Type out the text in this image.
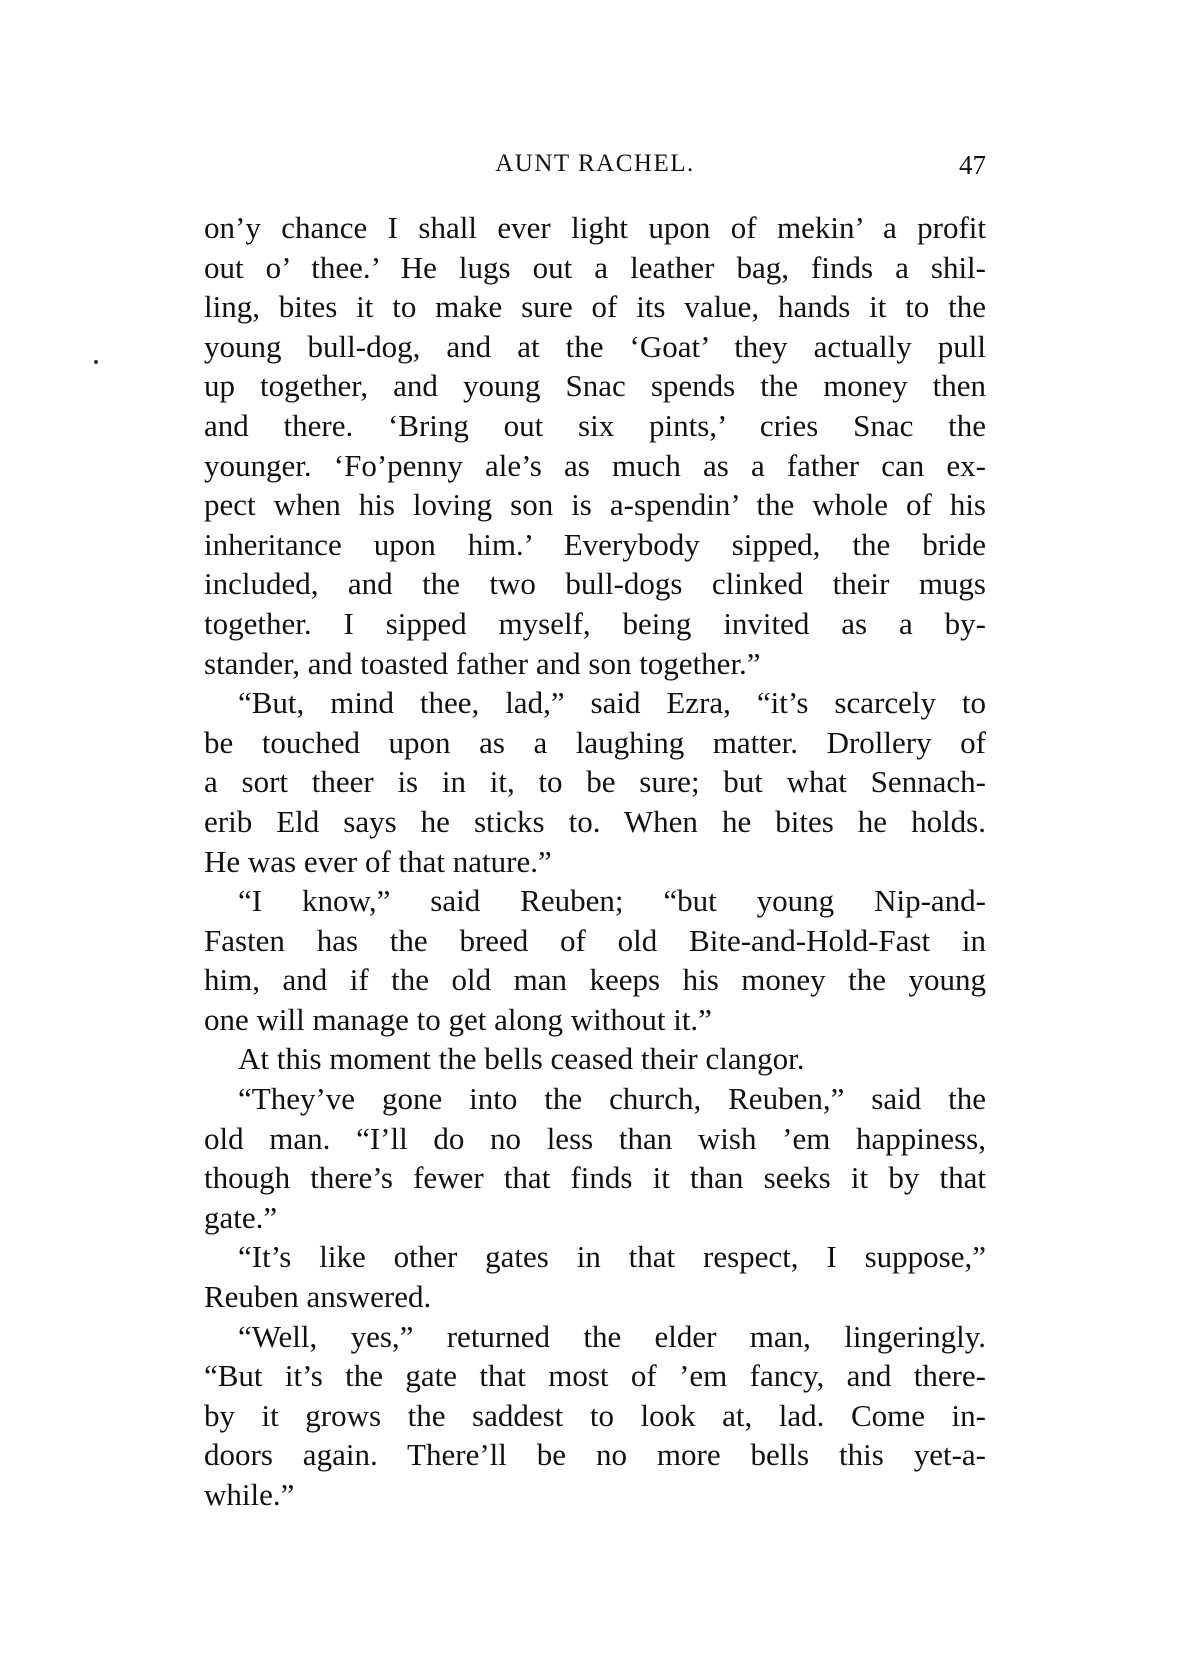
AUNT RACHEL.	47
on’y chance I shall ever light upon of mekin’ a profit
out o’ thee.’ He lugs out a leather bag, finds a shil-
ling, bites it to make sure of its value, hands it to the
young bull-dog, and at the ‘Goat’ they actually pull
up together, and young Snac spends the money then
and there. ‘Bring out six pints,’ cries Snac the
younger. ‘Fo’penny ale’s as much as a father can ex-
pect when his loving son is a-spendin’ the whole of his
inheritance upon him.’ Everybody sipped, the bride
included, and the two bull-dogs clinked their mugs
together. I sipped myself, being invited as a by-
stander, and toasted father and son together.”
“But, mind thee, lad,” said Ezra, “it’s scarcely to
be touched upon as a laughing matter. Drollery of
a sort theer is in it, to be sure; but what Sennach-
erib Eld says he sticks to. When he bites he holds.
He was ever of that nature.”
“I know,” said Reuben; “but young Nip-and-
Fasten has the breed of old Bite-and-Hold-Fast in
him, and if the old man keeps his money the young
one will manage to get along without it.”
At this moment the bells ceased their clangor.
“They’ve gone into the church, Reuben,” said the
old man. “I’ll do no less than wish ’em happiness,
though there’s fewer that finds it than seeks it by that
gate.”
“It’s like other gates in that respect, I suppose,”
Reuben answered.
“Well, yes,” returned the elder man, lingeringly.
“But it’s the gate that most of ’em fancy, and there-
by it grows the saddest to look at, lad. Come in-
doors again. There’ll be no more bells this yet-a-
while.”
